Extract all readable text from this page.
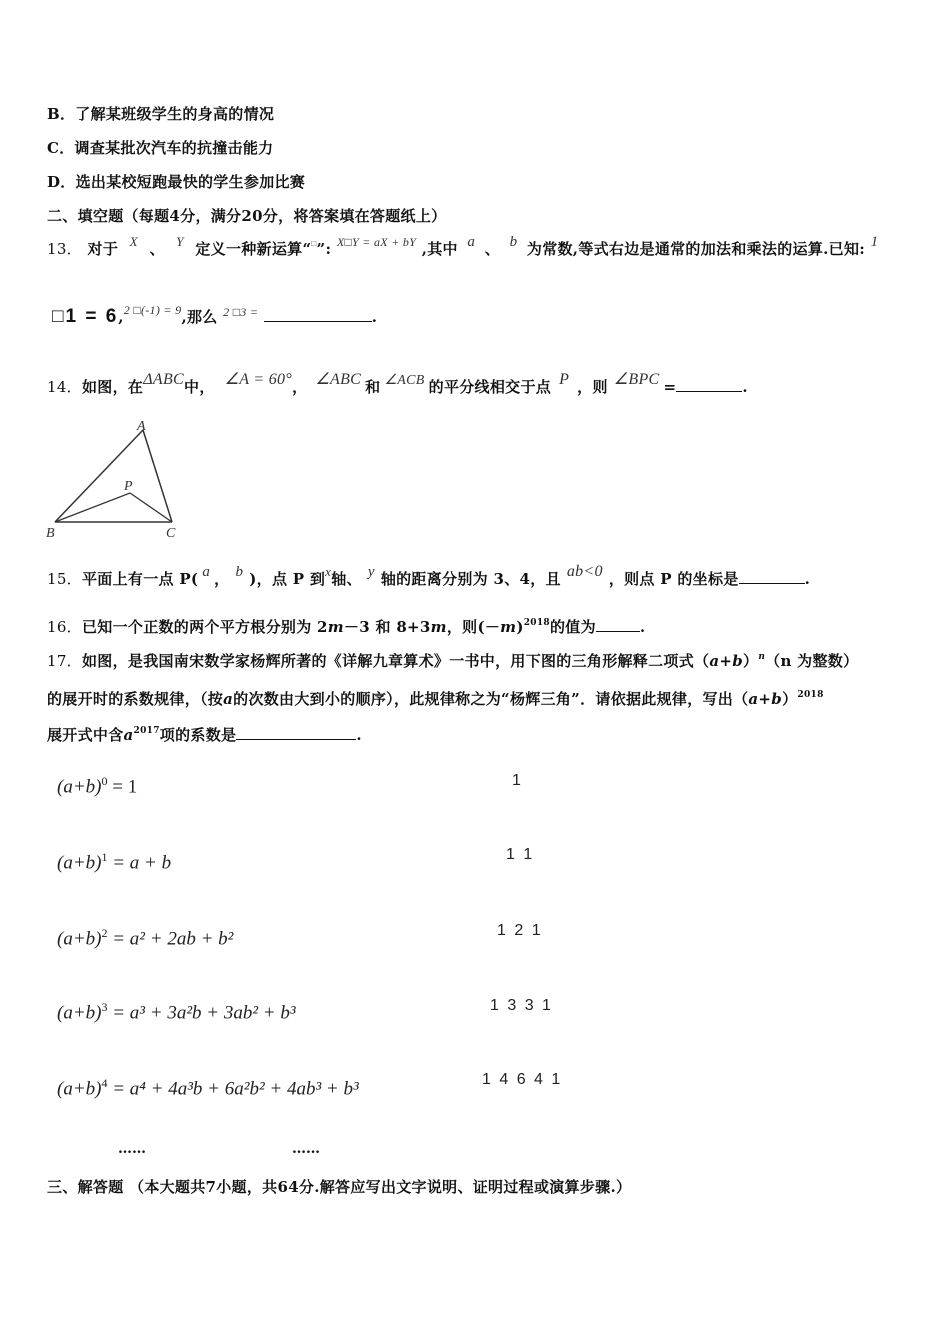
B．了解某班级学生的身高的情况
C．调查某批次汽车的抗撞击能力
D．选出某校短跑最快的学生参加比赛
二、填空题（每题4分，满分20分，将答案填在答题纸上）
13． 对于 X 、 Y 定义一种新运算“□”: $^{X□Y = aX + bY}$ ,其中 a 、 b 为常数,等式右边是通常的加法和乘法的运算.已知: 1
□1 = 6,$^{2 □(-1) = 9}$,那么 $^{2 □3 =}$	.
14．如图，在ΔABC中， ∠A = 60°， ∠ABC 和 ∠ACB 的平分线相交于点 P ，则 ∠BPC =	.
A
B	C
P
15．平面上有一点 P( a ， b )，点 P 到x轴、 y 轴的距离分别为 3、4，且 ab<0 ，则点 P 的坐标是	.
16．已知一个正数的两个平方根分别为 2m－3 和 8+3m，则$(-m)^{2018}$的值为	.
17．如图，是我国南宋数学家杨辉所著的《详解九章算术》一书中，用下图的三角形解释二项式$(a+b)^n(n$ 为整数）
的展开时的系数规律，（按a的次数由大到小的顺序），此规律称之为“杨辉三角”．请依据此规律，写出$(a+b)^{2018}$
展开式中含$a^{2017}$项的系数是	.
$(a+b)^0 = 1$
$(a+b)^1 = a + b$
$(a+b)^2 = a^2 + 2ab + b^2$
$(a+b)^3 = a^3 + 3a^2b + 3ab^2 + b^3$
$(a+b)^4 = a^4 + 4a^3b + 6a^2b^2 + 4ab^3 + b^3$
1
1 1
1 2 1
1 3 3 1
1 4 6 4 1
……	……
三、解答题 （本大题共7小题，共64分.解答应写出文字说明、证明过程或演算步骤.）
